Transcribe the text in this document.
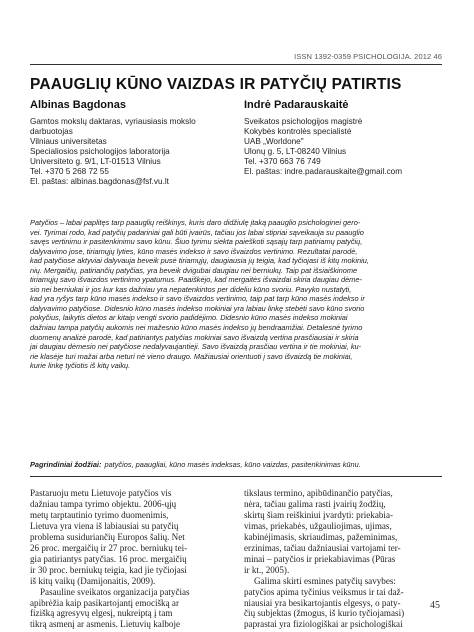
ISSN 1392-0359 PSICHOLOGIJA. 2012 46
PAAUGLIŲ KŪNO VAIZDAS IR PATYČIŲ PATIRTIS
Albinas Bagdonas
Gamtos mokslų daktaras, vyriausiasis mokslo
darbuotojas
Vilniaus universitetas
Specialiosios psichologijos laboratorija
Universiteto g. 9/1, LT-01513 Vilnius
Tel. +370 5 268 72 55
El. paštas: albinas.bagdonas@fsf.vu.lt
Indrė Padarauskaitė
Sveikatos psichologijos magistrė
Kokybės kontrolės specialistė
UAB „Worldone"
Ulonų g. 5, LT-08240 Vilnius
Tel. +370 663 76 749
El. paštas: indre.padarauskaite@gmail.com
Patyčios – labai paplitęs tarp paauglių reiškinys, kuris daro didžiulę įtaką paauglio psichologinei gero-
vei. Tyrimai rodo, kad patyčių padariniai gali būti įvairūs, tačiau jos labai stipriai sąveikauja su paauglio
savęs vertinimu ir pasitenkinimu savo kūnu. Šiuo tyrimu siekta paieškoti sąsajų tarp patiriamų patyčių,
dalyvavimo jose, tiriamųjų lyties, kūno masės indekso ir savo išvaizdos vertinimo. Rezultatai parodė,
kad patyčiose aktyviai dalyvauja beveik pusė tiriamųjų, daugiausia jų teigia, kad tyčiojasi iš kitų mokiniu,
nių. Mergaičių, patiriančių patyčias, yra beveik dvigubai daugiau nei berniukų. Taip pat išsiaiškinome
tiriamųjų savo išvaizdos vertinimo ypatumus. Paaiškėjo, kad mergaitės išvaizdai skiria daugiau dėme-
sio nei berniukai ir jos kur kas dažniau yra nepatenkintos per dideliu kūno svoriu. Pavyko nustatyti,
kad yra ryšys tarp kūno masės indekso ir savo išvaizdos vertinimo, taip pat tarp kūno masės indekso ir
dalyvavimo patyčiose. Didesnio kūno masės indekso mokiniai yra labiau linkę stebėti savo kūno svorio
pokyčius, laikytis dietos ar kitaip vengti svorio padidėjimo. Didesnio kūno masės indekso mokiniai
dažniau tampa patyčių aukomis nei mažesnio kūno masės indekso jų bendraamžiai. Detalesnė tyrimo
duomenų analizė parodė, kad patiriantys patyčias mokiniai savo išvaizdą vertina prasčiausiai ir skiria
jai daugiau dėmesio nei patyčiose nedalyvaujantieji. Savo išvaizdą prasčiau vertina ir tie mokiniai, ku-
rie klasėje turi mažai arba neturi nė vieno draugo. Mažiausiai orientuoti į savo išvaizdą tie mokiniai,
kurie linkę tyčiotis iš kitų vaikų.
Pagrindiniai žodžiai: patyčios, paaugliai, kūno masės indeksas, kūno vaizdas, pasitenkinimas kūnu.
Pastaruoju metu Lietuvoje patyčios vis
dažniau tampa tyrimo objektu. 2006-ųjų
metų tarptautinio tyrimo duomenimis,
Lietuva yra viena iš labiausiai su patyčių
problema susiduriančių Europos šalių. Net
26 proc. mergaičių ir 27 proc. berniukų tei-
gia patiriantys patyčias. 16 proc. mergaičių
ir 30 proc. berniukų teigia, kad jie tyčiojasi
iš kitų vaikų (Damijonaitis, 2009).
Pasauline sveikatos organizacija patyčias
apibrėžia kaip pasikartojantį emocišką ar
fizišką agresyvų elgesį, nukreiptą į tam
tikrą asmenį ar asmenis. Lietuvių kalboje
tikslaus termino, apibūdinančio patyčias,
nėra, tačiau galima rasti įvairių žodžių,
skirtų šiam reiškiniui įvardyti: priekabia-
vimas, priekabės, užgauliojimas, ujimas,
kabinėjimasis, skriaudimas, pažeminimas,
erzinimas, tačiau dažniausiai vartojami ter-
minai – patyčios ir priekabiavimas (Pūras
ir kt., 2005).
Galima skirti esmines patyčių savybes:
patyčios apima tyčinius veiksmus ir tai daž-
niausiai yra besikartojantis elgesys, o paty-
čių subjektas (žmogus, iš kurio tyčiojamasi)
paprastai yra fiziologiškai ar psichologiškai
45
